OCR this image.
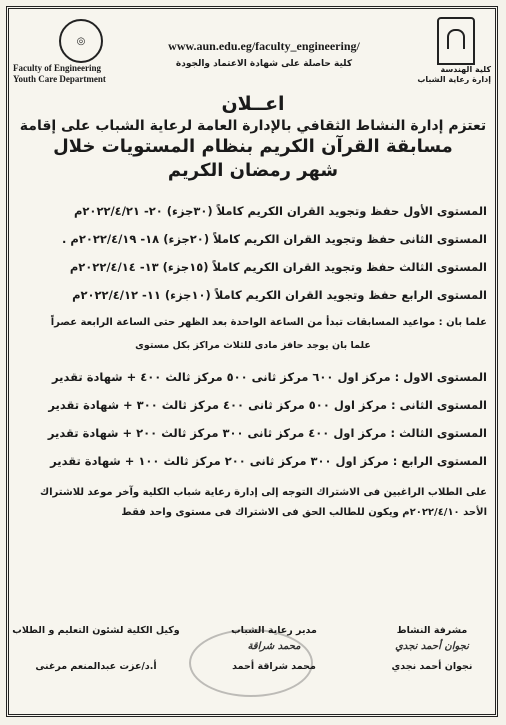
◎
Faculty of Engineering
Youth Care Department
www.aun.edu.eg/faculty_engineering/
كلية حاصلة على شهادة الاعتماد والجودة
كلية الهندسة
إدارة رعاية الشباب
اعــلان
تعتزم إدارة النشاط الثقافي بالإدارة العامة لرعاية الشباب على إقامة
مسابقة القرآن الكريم بنظام المستويات خلال
شهر رمضان الكريم
المستوى الأول حفظ وتجويد القران الكريم كاملاً (٣٠جزء) ٢٠- ٢٠٢٢/٤/٢١م
المستوى الثانى حفظ وتجويد القران الكريم كاملاً (٢٠جزء) ١٨- ٢٠٢٢/٤/١٩م .
المستوى الثالث حفظ وتجويد القران الكريم كاملاً (١٥جزء) ١٣- ٢٠٢٢/٤/١٤م
المستوى الرابع حفظ وتجويد القران الكريم كاملاً (١٠جزء) ١١- ٢٠٢٢/٤/١٢م
علما بان : مواعيد المسابقات تبدأ من الساعة الواحدة بعد الظهر حتى الساعة الرابعة عصراً
علما بان يوجد حافز مادى للثلاث مراكز بكل مستوى
المستوى الاول : مركز اول ٦٠٠ مركز ثانى ٥٠٠ مركز ثالث ٤٠٠ + شهادة تقدير
المستوى الثانى : مركز اول ٥٠٠ مركز ثانى ٤٠٠ مركز ثالث ٣٠٠ + شهادة تقدير
المستوى الثالث : مركز اول ٤٠٠ مركز ثانى ٣٠٠ مركز ثالث ٢٠٠ + شهادة تقدير
المستوى الرابع : مركز اول ٣٠٠ مركز ثانى ٢٠٠ مركز ثالث ١٠٠ + شهادة تقدير
على الطلاب الراغبين فى الاشتراك التوجه إلى إدارة رعاية شباب الكلية وآخر موعد للاشتراك
الأحد ٢٠٢٢/٤/١٠م ويكون للطالب الحق فى الاشتراك فى مستوى واحد فقط
مشرفة النشاط
نجوان أحمد نجدي
نجوان أحمد نجدي
مدير رعاية الشباب
محمد شراقة
محمد شراقة أحمد
وكيل الكلية لشئون التعليم و الطلاب
أ.د/عزت عبدالمنعم مرغنى
